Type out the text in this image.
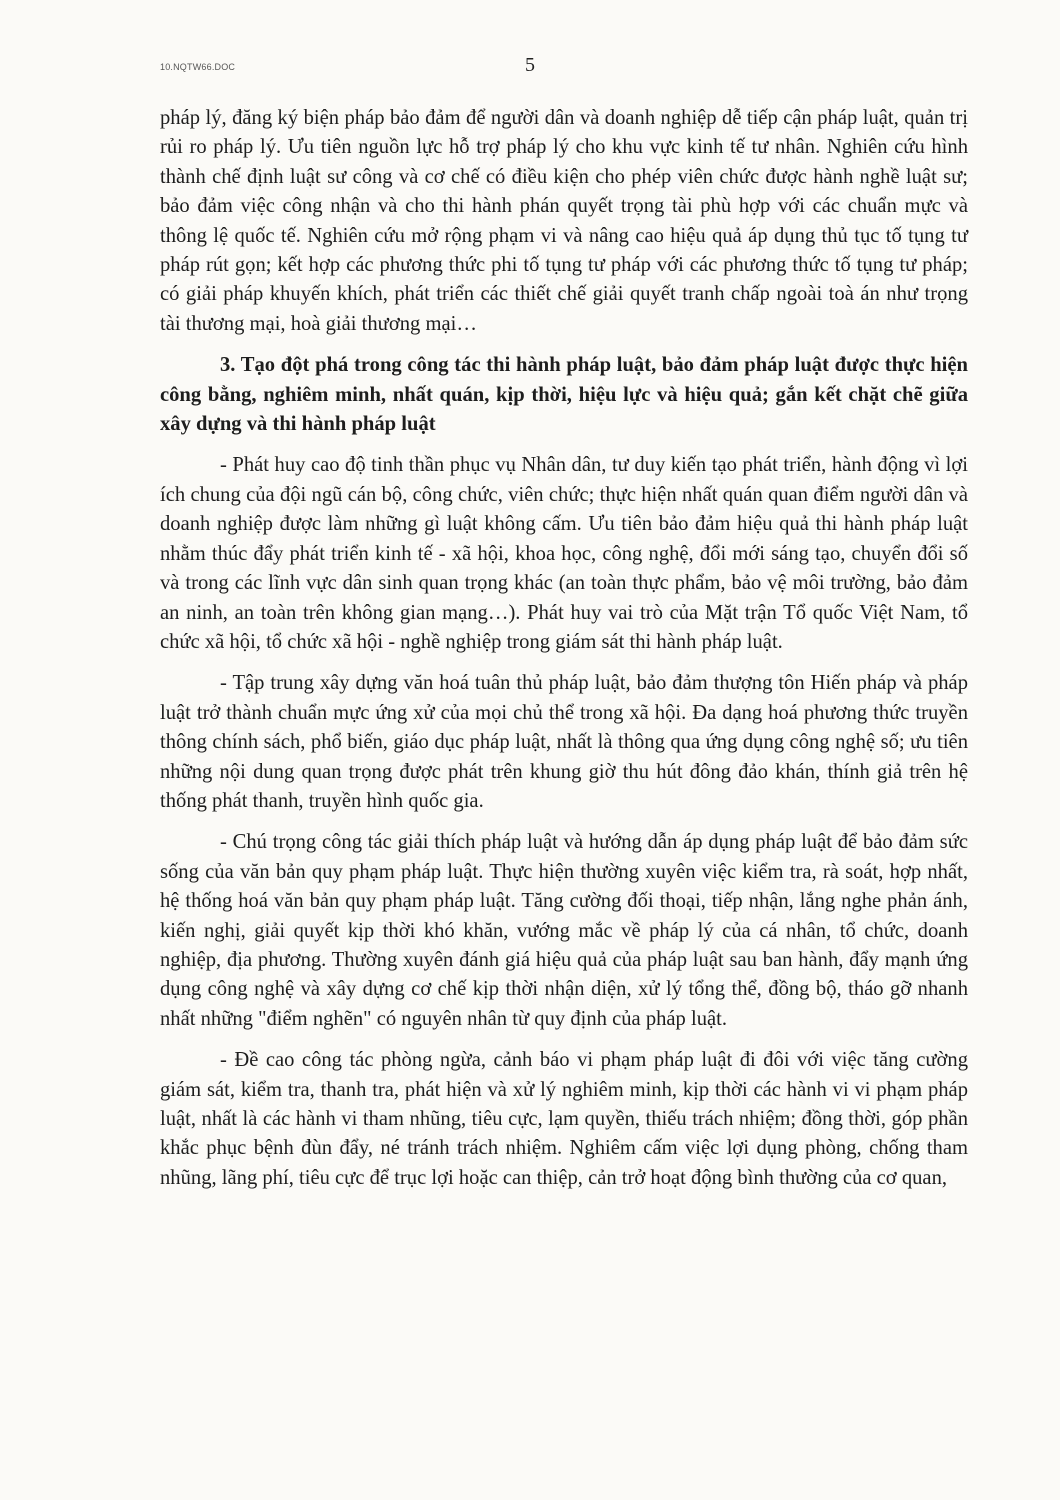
10.NQTW66.DOC	5

pháp lý, đăng ký biện pháp bảo đảm để người dân và doanh nghiệp dễ tiếp cận pháp luật, quản trị rủi ro pháp lý. Ưu tiên nguồn lực hỗ trợ pháp lý cho khu vực kinh tế tư nhân. Nghiên cứu hình thành chế định luật sư công và cơ chế có điều kiện cho phép viên chức được hành nghề luật sư; bảo đảm việc công nhận và cho thi hành phán quyết trọng tài phù hợp với các chuẩn mực và thông lệ quốc tế. Nghiên cứu mở rộng phạm vi và nâng cao hiệu quả áp dụng thủ tục tố tụng tư pháp rút gọn; kết hợp các phương thức phi tố tụng tư pháp với các phương thức tố tụng tư pháp; có giải pháp khuyến khích, phát triển các thiết chế giải quyết tranh chấp ngoài toà án như trọng tài thương mại, hoà giải thương mại…

3. Tạo đột phá trong công tác thi hành pháp luật, bảo đảm pháp luật được thực hiện công bằng, nghiêm minh, nhất quán, kịp thời, hiệu lực và hiệu quả; gắn kết chặt chẽ giữa xây dựng và thi hành pháp luật

- Phát huy cao độ tinh thần phục vụ Nhân dân, tư duy kiến tạo phát triển, hành động vì lợi ích chung của đội ngũ cán bộ, công chức, viên chức; thực hiện nhất quán quan điểm người dân và doanh nghiệp được làm những gì luật không cấm. Ưu tiên bảo đảm hiệu quả thi hành pháp luật nhằm thúc đẩy phát triển kinh tế - xã hội, khoa học, công nghệ, đổi mới sáng tạo, chuyển đổi số và trong các lĩnh vực dân sinh quan trọng khác (an toàn thực phẩm, bảo vệ môi trường, bảo đảm an ninh, an toàn trên không gian mạng…). Phát huy vai trò của Mặt trận Tổ quốc Việt Nam, tổ chức xã hội, tổ chức xã hội - nghề nghiệp trong giám sát thi hành pháp luật.

- Tập trung xây dựng văn hoá tuân thủ pháp luật, bảo đảm thượng tôn Hiến pháp và pháp luật trở thành chuẩn mực ứng xử của mọi chủ thể trong xã hội. Đa dạng hoá phương thức truyền thông chính sách, phổ biến, giáo dục pháp luật, nhất là thông qua ứng dụng công nghệ số; ưu tiên những nội dung quan trọng được phát trên khung giờ thu hút đông đảo khán, thính giả trên hệ thống phát thanh, truyền hình quốc gia.

- Chú trọng công tác giải thích pháp luật và hướng dẫn áp dụng pháp luật để bảo đảm sức sống của văn bản quy phạm pháp luật. Thực hiện thường xuyên việc kiểm tra, rà soát, hợp nhất, hệ thống hoá văn bản quy phạm pháp luật. Tăng cường đối thoại, tiếp nhận, lắng nghe phản ánh, kiến nghị, giải quyết kịp thời khó khăn, vướng mắc về pháp lý của cá nhân, tổ chức, doanh nghiệp, địa phương. Thường xuyên đánh giá hiệu quả của pháp luật sau ban hành, đẩy mạnh ứng dụng công nghệ và xây dựng cơ chế kịp thời nhận diện, xử lý tổng thể, đồng bộ, tháo gỡ nhanh nhất những "điểm nghẽn" có nguyên nhân từ quy định của pháp luật.

- Đề cao công tác phòng ngừa, cảnh báo vi phạm pháp luật đi đôi với việc tăng cường giám sát, kiểm tra, thanh tra, phát hiện và xử lý nghiêm minh, kịp thời các hành vi vi phạm pháp luật, nhất là các hành vi tham nhũng, tiêu cực, lạm quyền, thiếu trách nhiệm; đồng thời, góp phần khắc phục bệnh đùn đẩy, né tránh trách nhiệm. Nghiêm cấm việc lợi dụng phòng, chống tham nhũng, lãng phí, tiêu cực để trục lợi hoặc can thiệp, cản trở hoạt động bình thường của cơ quan,
